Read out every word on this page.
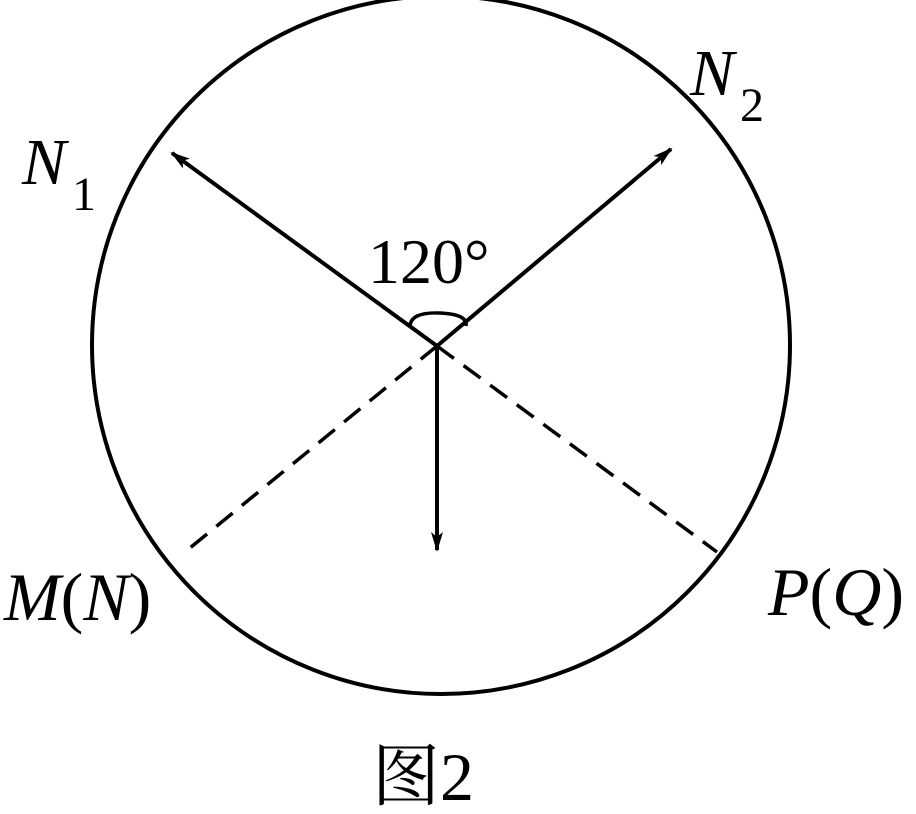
120°
N 1
N 2
M(N)	P(Q)
图2
